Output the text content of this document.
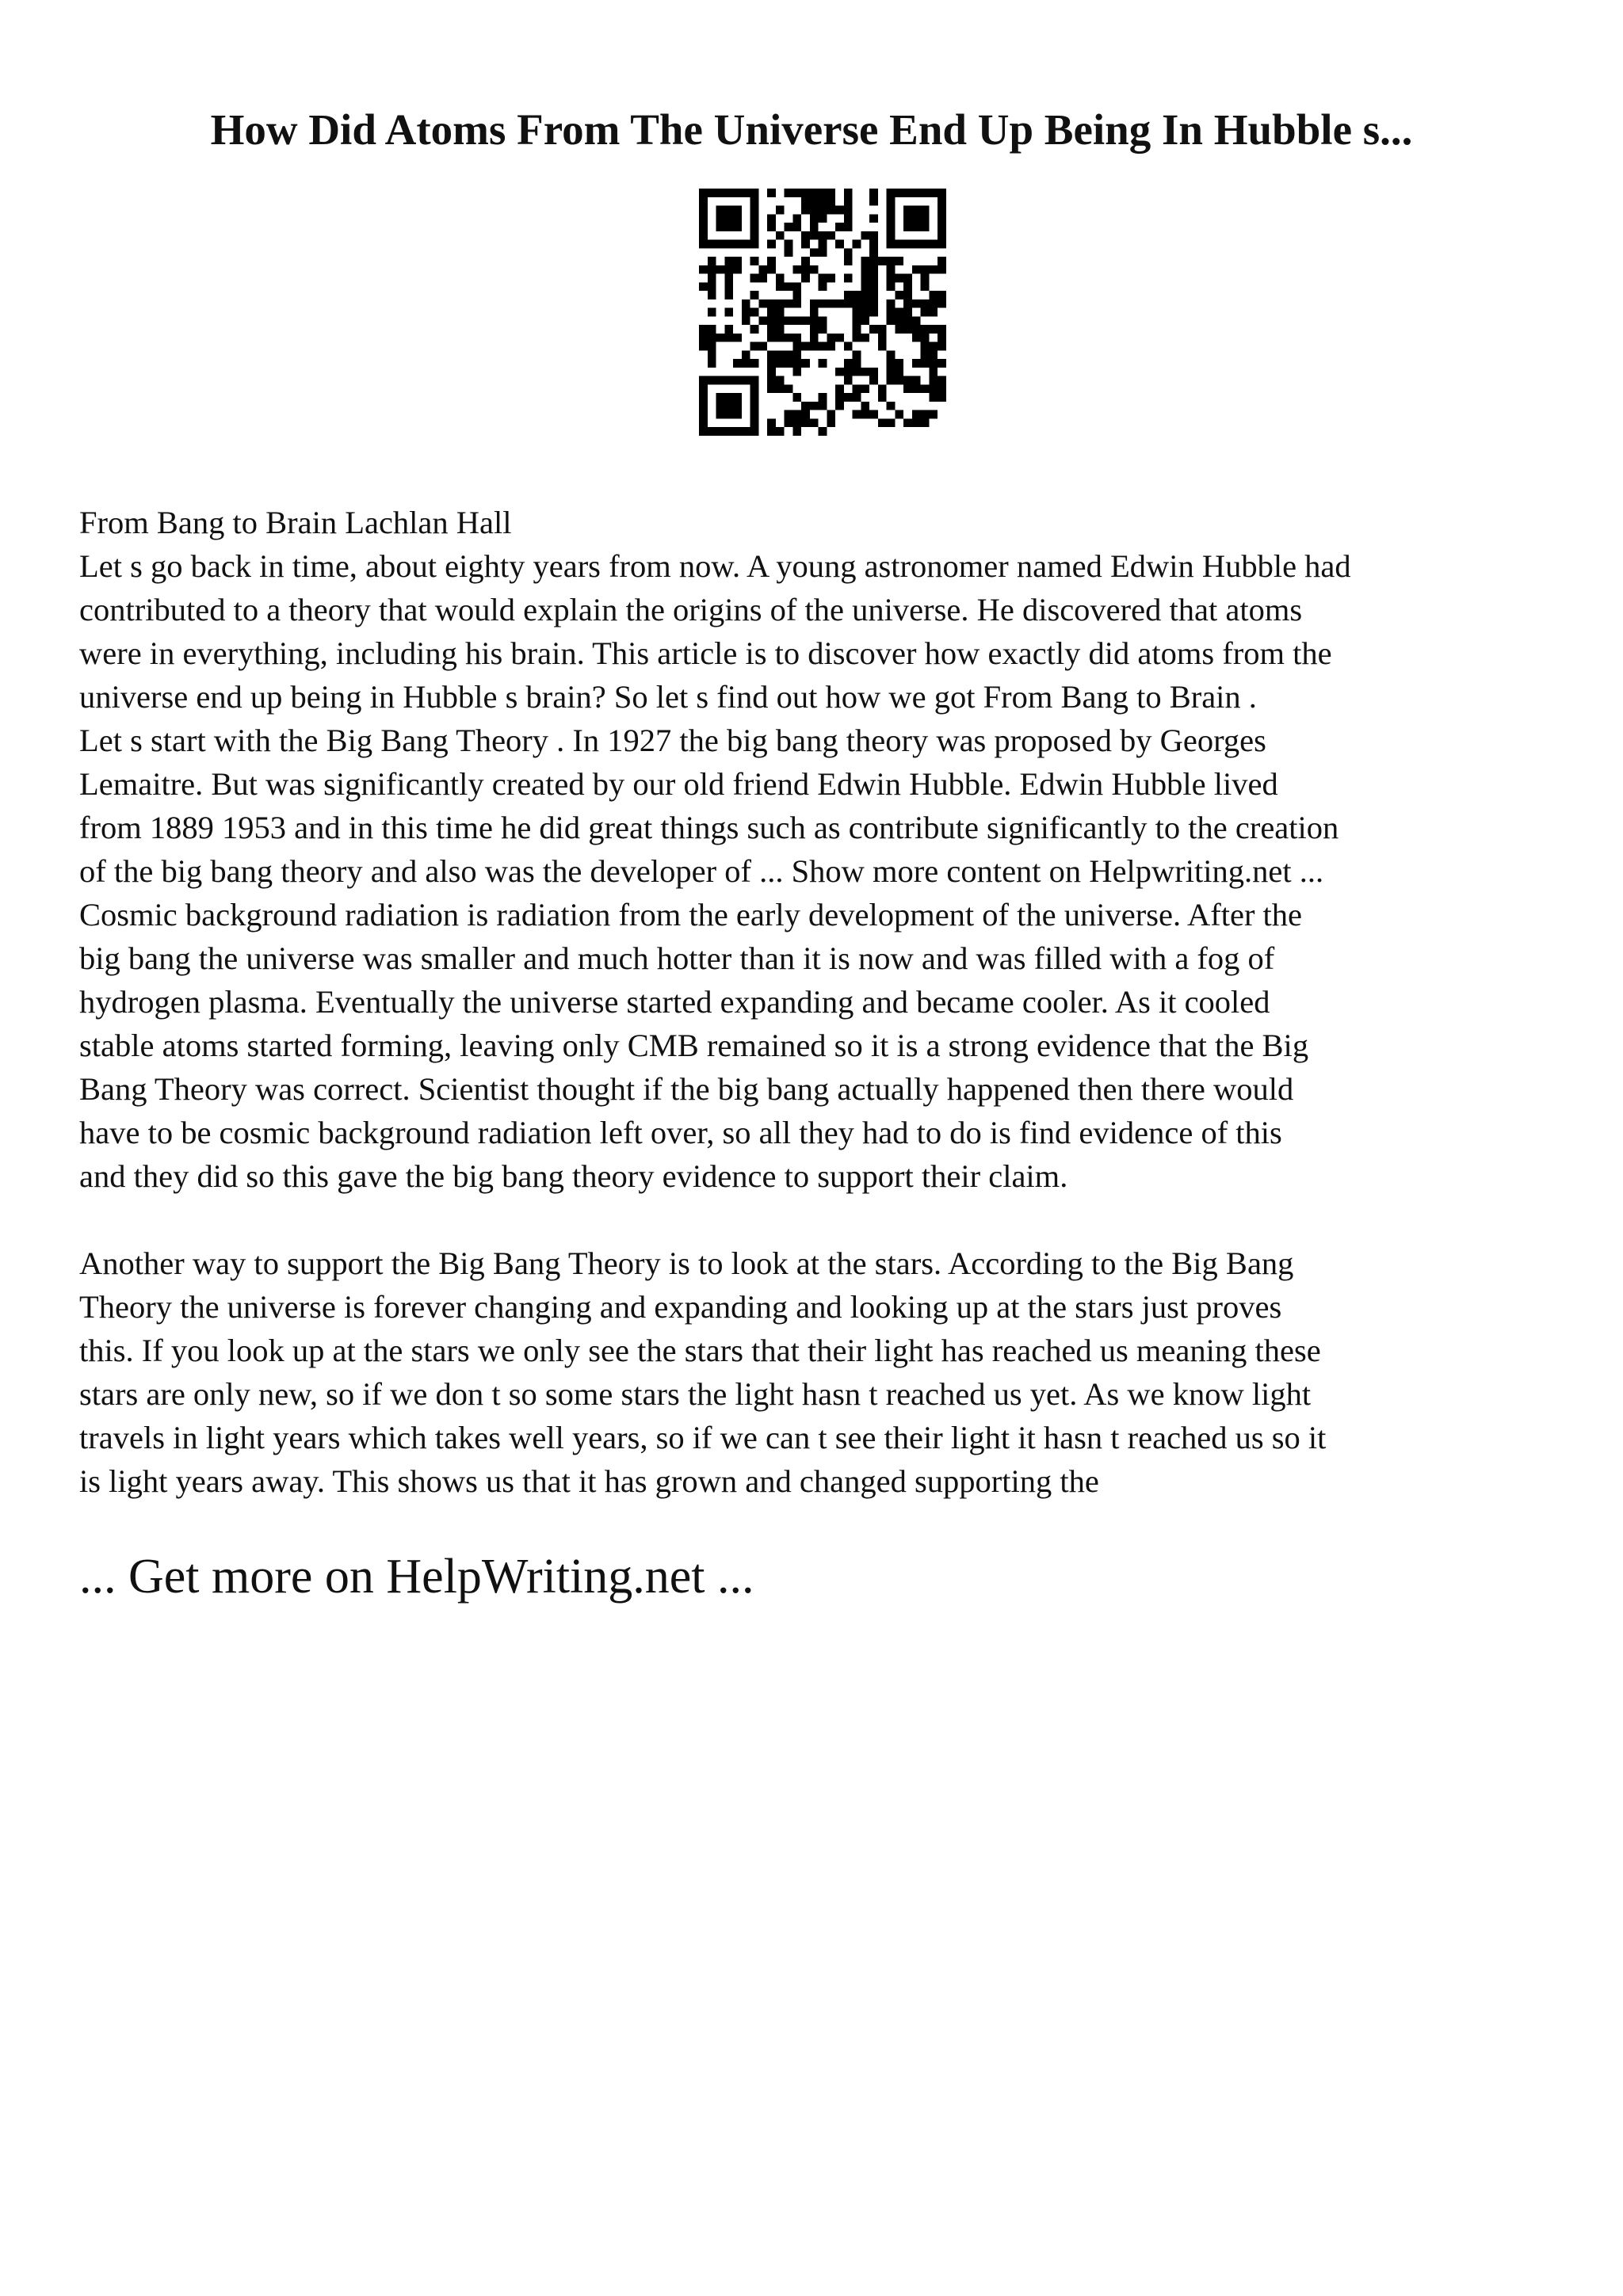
How Did Atoms From The Universe End Up Being In Hubble s...

From Bang to Brain Lachlan Hall

Let s go back in time, about eighty years from now. A young astronomer named Edwin Hubble had
contributed to a theory that would explain the origins of the universe. He discovered that atoms
were in everything, including his brain. This article is to discover how exactly did atoms from the
universe end up being in Hubble s brain? So let s find out how we got From Bang to Brain .
Let s start with the Big Bang Theory . In 1927 the big bang theory was proposed by Georges
Lemaitre. But was significantly created by our old friend Edwin Hubble. Edwin Hubble lived
from 1889 1953 and in this time he did great things such as contribute significantly to the creation
of the big bang theory and also was the developer of ... Show more content on Helpwriting.net ...
Cosmic background radiation is radiation from the early development of the universe. After the
big bang the universe was smaller and much hotter than it is now and was filled with a fog of
hydrogen plasma. Eventually the universe started expanding and became cooler. As it cooled
stable atoms started forming, leaving only CMB remained so it is a strong evidence that the Big
Bang Theory was correct. Scientist thought if the big bang actually happened then there would
have to be cosmic background radiation left over, so all they had to do is find evidence of this
and they did so this gave the big bang theory evidence to support their claim.

Another way to support the Big Bang Theory is to look at the stars. According to the Big Bang
Theory the universe is forever changing and expanding and looking up at the stars just proves
this. If you look up at the stars we only see the stars that their light has reached us meaning these
stars are only new, so if we don t so some stars the light hasn t reached us yet. As we know light
travels in light years which takes well years, so if we can t see their light it hasn t reached us so it
is light years away. This shows us that it has grown and changed supporting the

... Get more on HelpWriting.net ...
